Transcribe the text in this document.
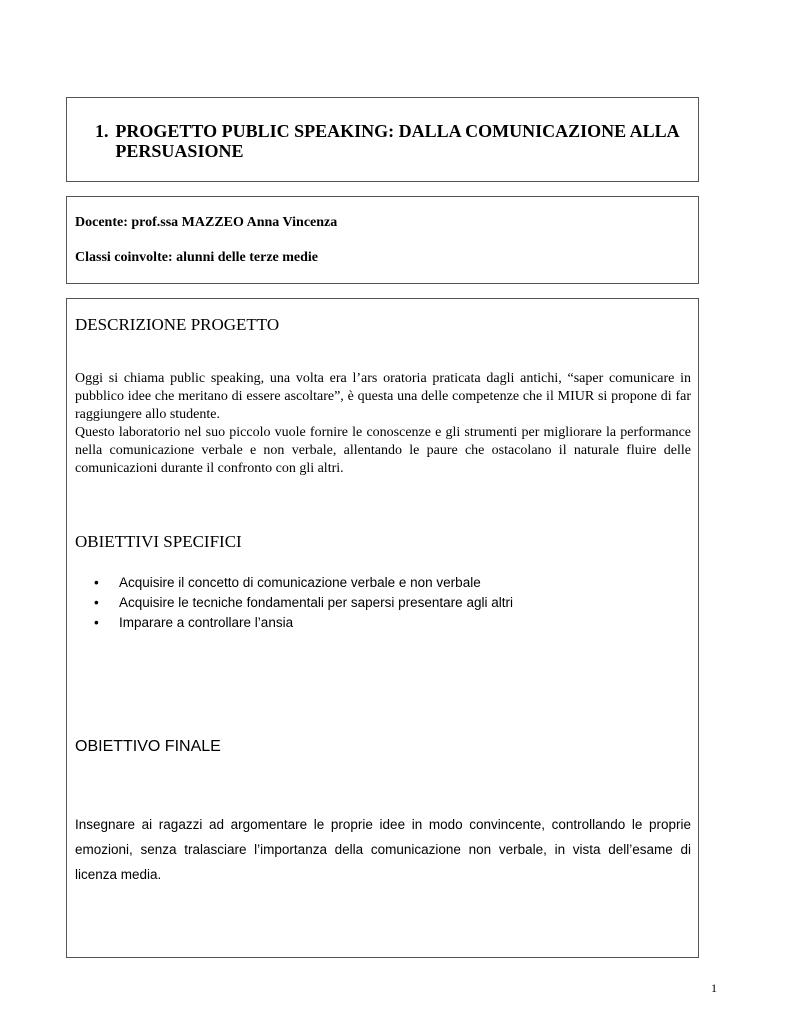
1. PROGETTO PUBLIC SPEAKING: DALLA COMUNICAZIONE ALLA PERSUASIONE
Docente: prof.ssa MAZZEO Anna Vincenza
Classi coinvolte: alunni delle terze medie
DESCRIZIONE PROGETTO

Oggi si chiama public speaking, una volta era l’ars oratoria praticata dagli antichi, “saper comunicare in pubblico idee che meritano di essere ascoltare”, è questa una delle competenze che il MIUR si propone di far raggiungere allo studente.

Questo laboratorio nel suo piccolo vuole fornire le conoscenze e gli strumenti per migliorare la performance nella comunicazione verbale e non verbale, allentando le paure che ostacolano il naturale fluire delle comunicazioni durante il confronto con gli altri.

OBIETTIVI SPECIFICI
• Acquisire il concetto di comunicazione verbale e non verbale
• Acquisire le tecniche fondamentali per sapersi presentare agli altri
• Imparare a controllare l’ansia
OBIETTIVO FINALE
Insegnare ai ragazzi ad argomentare le proprie idee in modo convincente, controllando le proprie emozioni, senza tralasciare l’importanza della comunicazione non verbale, in vista dell’esame di licenza media.
1
